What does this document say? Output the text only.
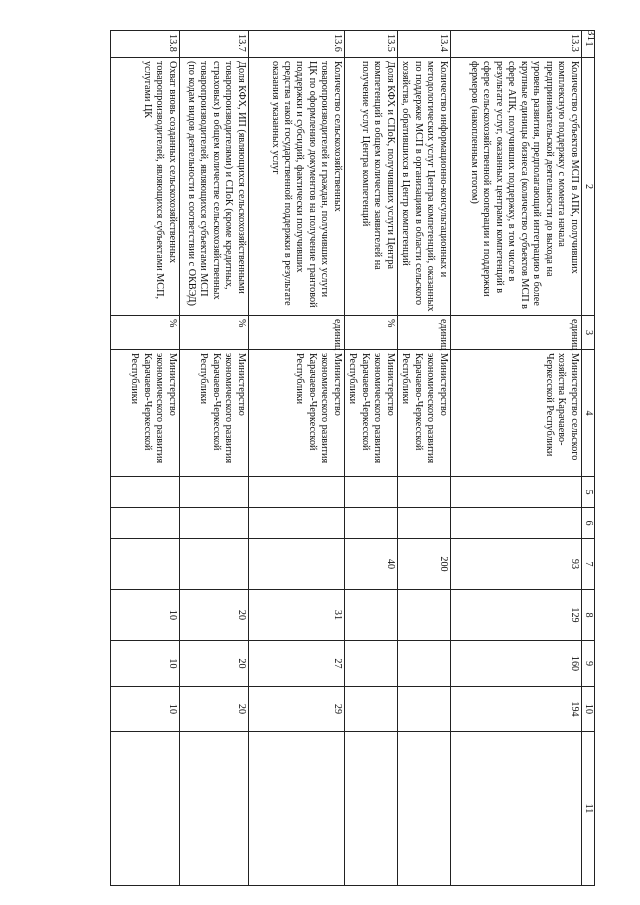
31
1	2	3	4	5	6	7	8	9	10	11
13.3	Количество субъектов МСП в АПК, получивших комплексную поддержку с момента начала предпринимательской деятельности до выхода на уровень развития, предполагающий интеграцию в более крупные единицы бизнеса (количество субъектов МСП в сфере АПК, получивших поддержку, в том числе в результате услуг, оказанных центрами компетенций в сфере сельскохозяйственной кооперации и поддержки фермеров (накопленным итогом)	единиц	Министерство сельского хозяйства Карачаево-Черкесской Республики			93	129	160	194	
13.4	Количество информационно-консультационных и методологических услуг Центра компетенций, оказанных по поддержке МСП в организациям в области сельского хозяйства, обратившихся в Центр компетенций	единиц	Министерство экономического развития Карачаево-Черкесской Республики			200				
13.5	Доля КФХ и СПоК, получивших услуги Центра компетенций в общем количестве заявителей на получение услуг Центра компетенций	%	Министерство экономического развития Карачаево-Черкесской Республики			40				
13.6	Количество сельскохозяйственных товаропроизводителей и граждан, получивших услуги ЦК по оформлению документов на получение грантовой поддержки и субсидий, фактически получивших средства такой государственной поддержки в результате оказания указанных услуг	единиц	Министерство экономического развития Карачаево-Черкесской Республики				31	27	29	
13.7	Доля КФХ, ИП (являющихся сельскохозяйственными товаропроизводителями) и СПоК (кроме кредитных, страховых) в общем количестве сельскохозяйственных товаропроизводителей, являющихся субъектами МСП (по кодам видов деятельности в соответствии с ОКВЭД)	%	Министерство экономического развития Карачаево-Черкесской Республики				20	20	20	
13.8	Охват вновь созданных сельскохозяйственных товаропроизводителей, являющихся субъектами МСП, услугами ЦК	%	Министерство экономического развития Карачаево-Черкесской Республики				10	10	10	
